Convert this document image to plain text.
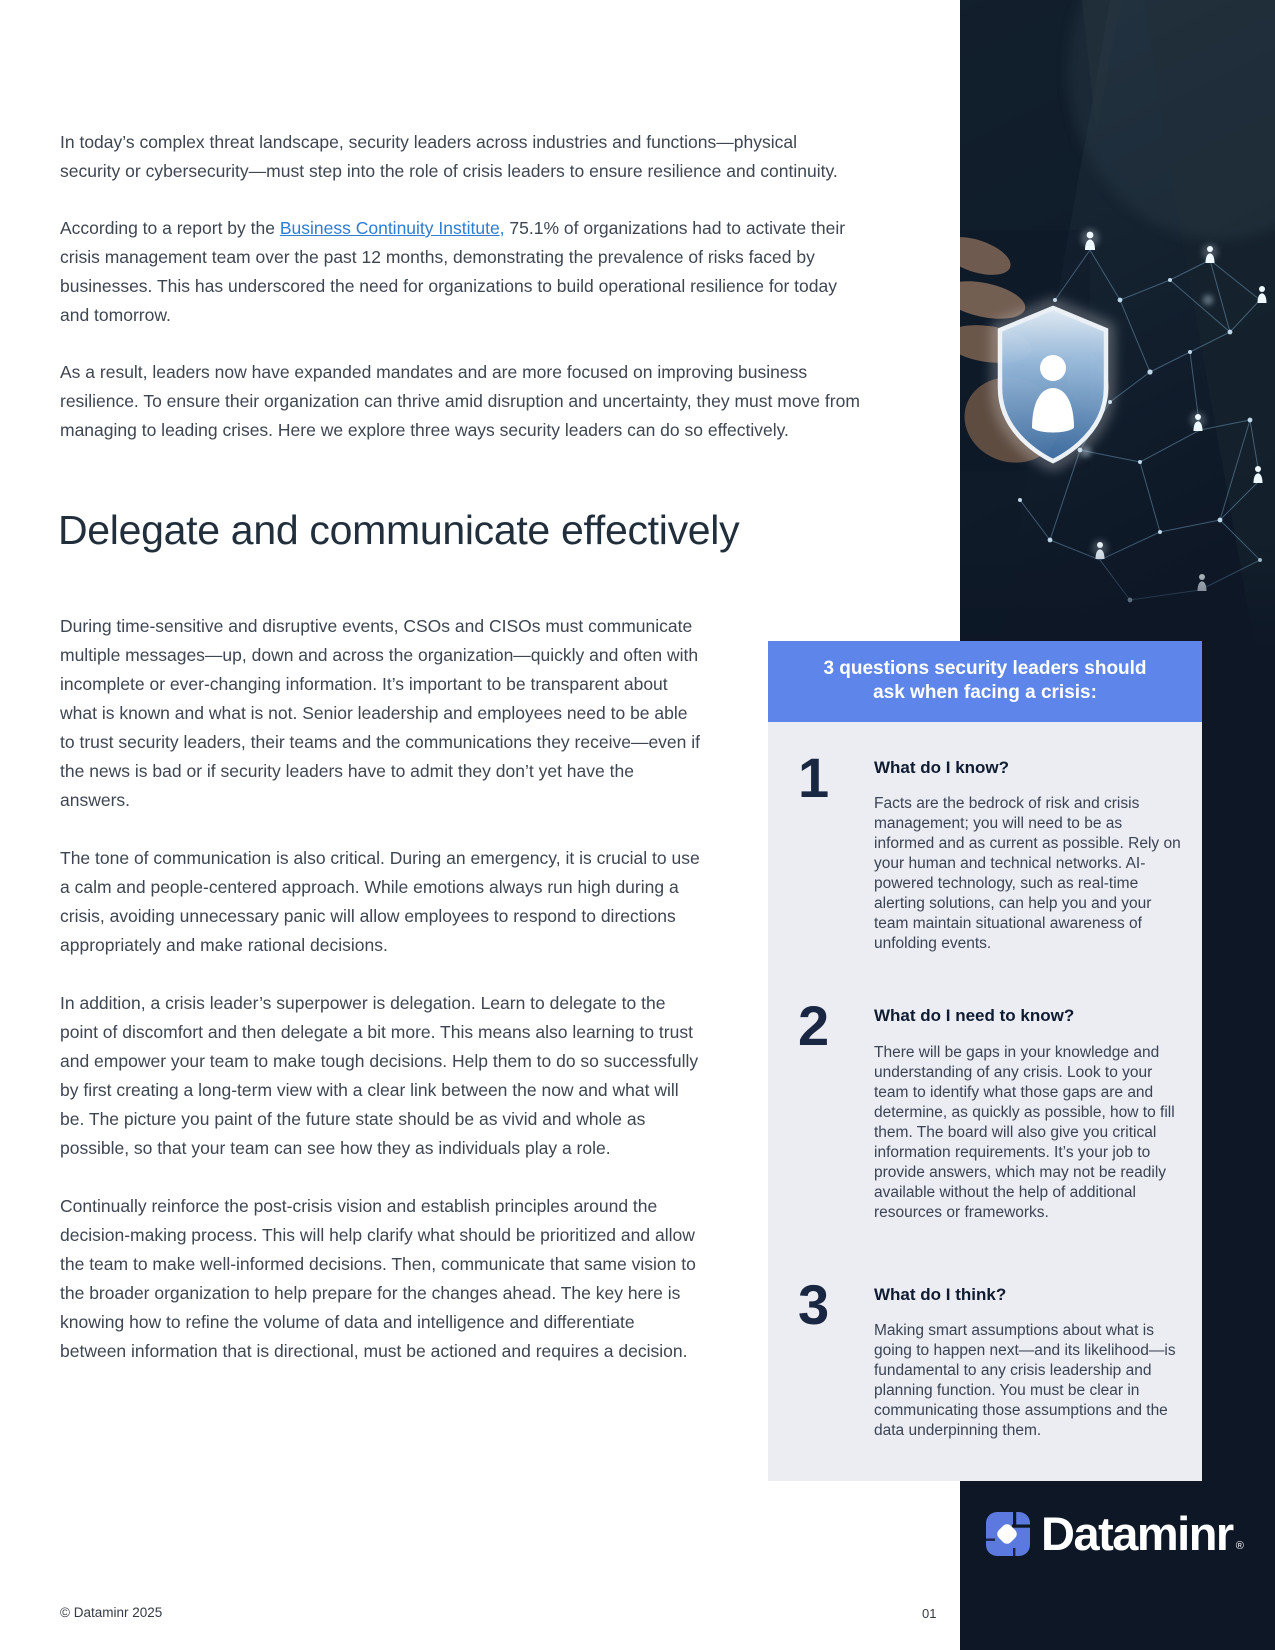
In today’s complex threat landscape, security leaders across industries and functions—physical security or cybersecurity—must step into the role of crisis leaders to ensure resilience and continuity.

According to a report by the Business Continuity Institute, 75.1% of organizations had to activate their crisis management team over the past 12 months, demonstrating the prevalence of risks faced by businesses. This has underscored the need for organizations to build operational resilience for today and tomorrow.

As a result, leaders now have expanded mandates and are more focused on improving business resilience. To ensure their organization can thrive amid disruption and uncertainty, they must move from managing to leading crises. Here we explore three ways security leaders can do so effectively.

Delegate and communicate effectively

During time-sensitive and disruptive events, CSOs and CISOs must communicate multiple messages—up, down and across the organization—quickly and often with incomplete or ever-changing information. It’s important to be transparent about what is known and what is not. Senior leadership and employees need to be able to trust security leaders, their teams and the communications they receive—even if the news is bad or if security leaders have to admit they don’t yet have the answers.

The tone of communication is also critical. During an emergency, it is crucial to use a calm and people-centered approach. While emotions always run high during a crisis, avoiding unnecessary panic will allow employees to respond to directions appropriately and make rational decisions.

In addition, a crisis leader’s superpower is delegation. Learn to delegate to the point of discomfort and then delegate a bit more. This means also learning to trust and empower your team to make tough decisions. Help them to do so successfully by first creating a long-term view with a clear link between the now and what will be. The picture you paint of the future state should be as vivid and whole as possible, so that your team can see how they as individuals play a role.

Continually reinforce the post-crisis vision and establish principles around the decision-making process. This will help clarify what should be prioritized and allow the team to make well-informed decisions. Then, communicate that same vision to the broader organization to help prepare for the changes ahead. The key here is knowing how to refine the volume of data and intelligence and differentiate between information that is directional, must be actioned and requires a decision.

3 questions security leaders should ask when facing a crisis:
1	What do I know?

Facts are the bedrock of risk and crisis management; you will need to be as informed and as current as possible. Rely on your human and technical networks. AI-powered technology, such as real-time alerting solutions, can help you and your team maintain situational awareness of unfolding events.

2	What do I need to know?

There will be gaps in your knowledge and understanding of any crisis. Look to your team to identify what those gaps are and determine, as quickly as possible, how to fill them. The board will also give you critical information requirements. It’s your job to provide answers, which may not be readily available without the help of additional resources or frameworks.

3	What do I think?

Making smart assumptions about what is going to happen next—and its likelihood—is fundamental to any crisis leadership and planning function. You must be clear in communicating those assumptions and the data underpinning them.

Dataminr ®
© Dataminr 2025	01
